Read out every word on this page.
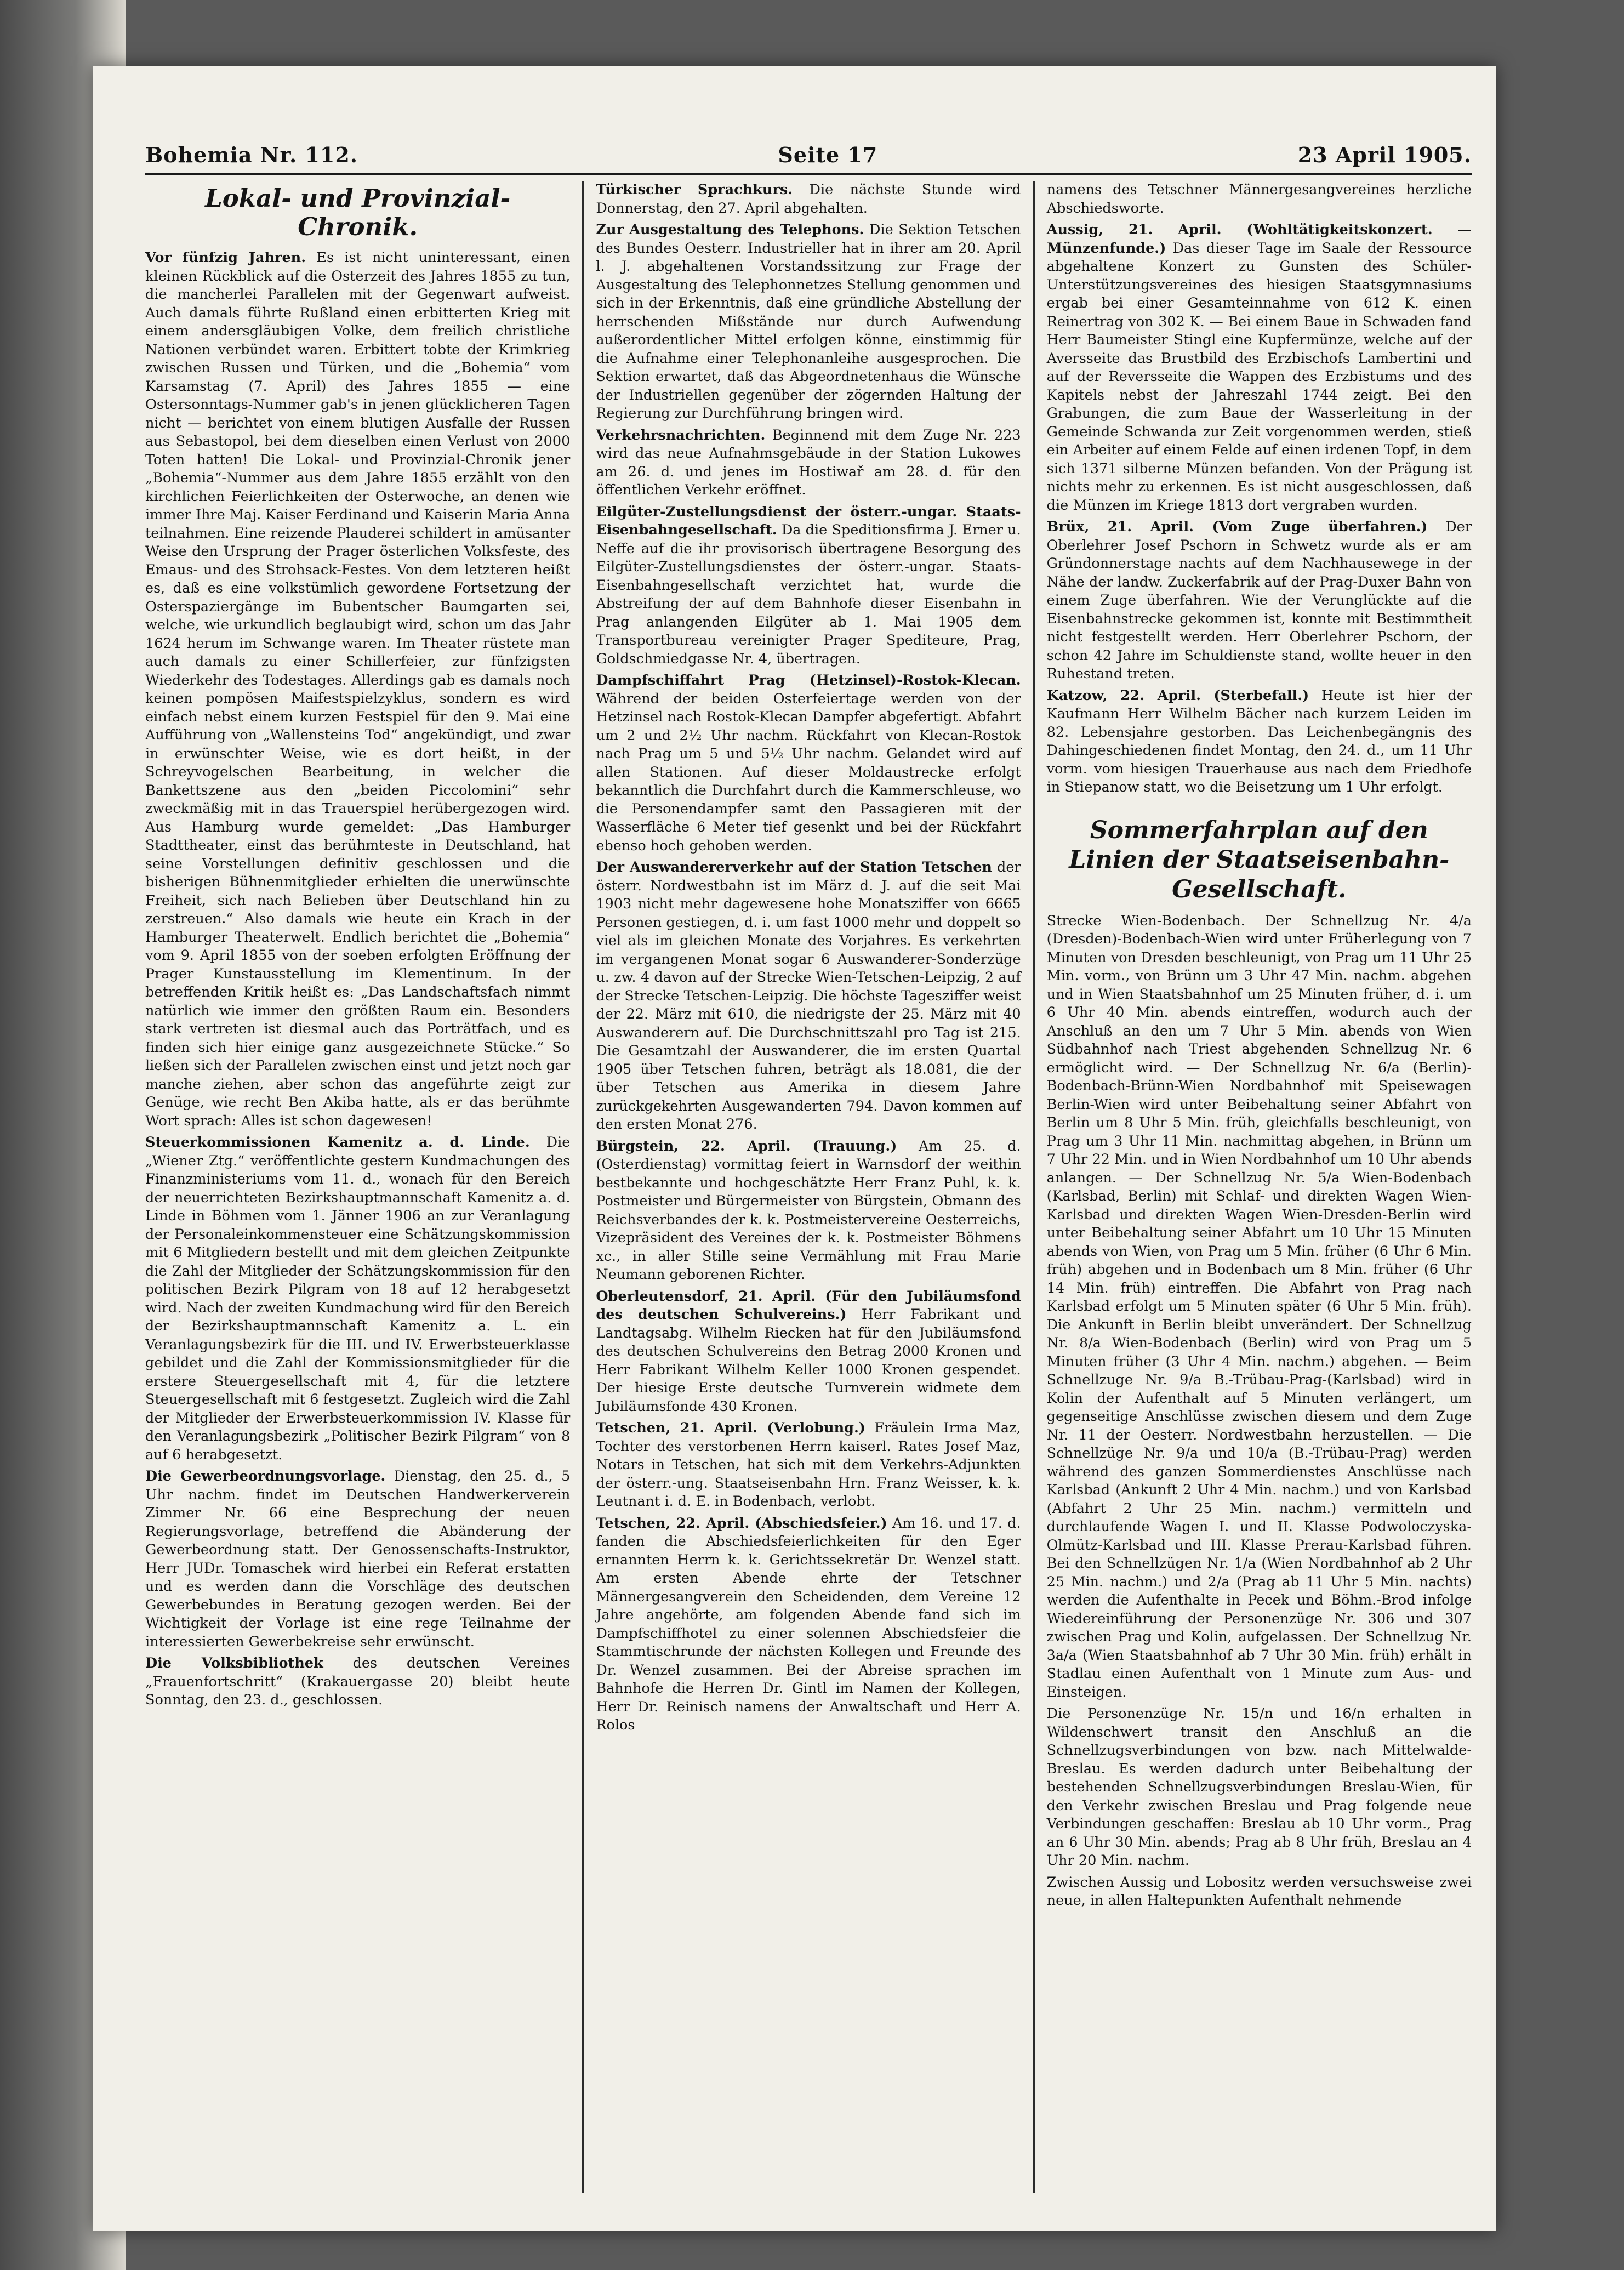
Bohemia Nr. 112.	Seite 17	23 April 1905.
Lokal- und Provinzial-Chronik.

Vor fünfzig Jahren. Es ist nicht uninteressant, einen kleinen Rückblick auf die Osterzeit des Jahres 1855 zu tun, die mancherlei Parallelen mit der Gegenwart aufweist. Auch damals führte Rußland einen erbitterten Krieg mit einem andersgläubigen Volke, dem freilich christliche Nationen verbündet waren. Erbittert tobte der Krimkrieg zwischen Russen und Türken, und die „Bohemia“ vom Karsamstag (7. April) des Jahres 1855 — eine Ostersonntags-Nummer gab's in jenen glücklicheren Tagen nicht — berichtet von einem blutigen Ausfalle der Russen aus Sebastopol, bei dem dieselben einen Verlust von 2000 Toten hatten! Die Lokal- und Provinzial-Chronik jener „Bohemia“-Nummer aus dem Jahre 1855 erzählt von den kirchlichen Feierlichkeiten der Osterwoche, an denen wie immer Ihre Maj. Kaiser Ferdinand und Kaiserin Maria Anna teilnahmen. Eine reizende Plauderei schildert in amüsanter Weise den Ursprung der Prager österlichen Volksfeste, des Emaus- und des Strohsack-Festes. Von dem letzteren heißt es, daß es eine volkstümlich gewordene Fortsetzung der Osterspaziergänge im Bubentscher Baumgarten sei, welche, wie urkundlich beglaubigt wird, schon um das Jahr 1624 herum im Schwange waren. Im Theater rüstete man auch damals zu einer Schillerfeier, zur fünfzigsten Wiederkehr des Todestages. Allerdings gab es damals noch keinen pompösen Maifestspielzyklus, sondern es wird einfach nebst einem kurzen Festspiel für den 9. Mai eine Aufführung von „Wallensteins Tod“ angekündigt, und zwar in erwünschter Weise, wie es dort heißt, in der Schreyvogelschen Bearbeitung, in welcher die Bankettszene aus den „beiden Piccolomini“ sehr zweckmäßig mit in das Trauerspiel herübergezogen wird. Aus Hamburg wurde gemeldet: „Das Hamburger Stadttheater, einst das berühmteste in Deutschland, hat seine Vorstellungen definitiv geschlossen und die bisherigen Bühnenmitglieder erhielten die unerwünschte Freiheit, sich nach Belieben über Deutschland hin zu zerstreuen.“ Also damals wie heute ein Krach in der Hamburger Theaterwelt. Endlich berichtet die „Bohemia“ vom 9. April 1855 von der soeben erfolgten Eröffnung der Prager Kunstausstellung im Klementinum. In der betreffenden Kritik heißt es: „Das Landschaftsfach nimmt natürlich wie immer den größten Raum ein. Besonders stark vertreten ist diesmal auch das Porträtfach, und es finden sich hier einige ganz ausgezeichnete Stücke.“ So ließen sich der Parallelen zwischen einst und jetzt noch gar manche ziehen, aber schon das angeführte zeigt zur Genüge, wie recht Ben Akiba hatte, als er das berühmte Wort sprach: Alles ist schon dagewesen!

Steuerkommissionen Kamenitz a. d. Linde. Die „Wiener Ztg.“ veröffentlichte gestern Kundmachungen des Finanzministeriums vom 11. d., wonach für den Bereich der neuerrichteten Bezirkshauptmannschaft Kamenitz a. d. Linde in Böhmen vom 1. Jänner 1906 an zur Veranlagung der Personaleinkommensteuer eine Schätzungskommission mit 6 Mitgliedern bestellt und mit dem gleichen Zeitpunkte die Zahl der Mitglieder der Schätzungskommission für den politischen Bezirk Pilgram von 18 auf 12 herabgesetzt wird. Nach der zweiten Kundmachung wird für den Bereich der Bezirkshauptmannschaft Kamenitz a. L. ein Veranlagungsbezirk für die III. und IV. Erwerbsteuerklasse gebildet und die Zahl der Kommissionsmitglieder für die erstere Steuergesellschaft mit 4, für die letztere Steuergesellschaft mit 6 festgesetzt. Zugleich wird die Zahl der Mitglieder der Erwerbsteuerkommission IV. Klasse für den Veranlagungsbezirk „Politischer Bezirk Pilgram“ von 8 auf 6 herabgesetzt.

Die Gewerbeordnungsvorlage. Dienstag, den 25. d., 5 Uhr nachm. findet im Deutschen Handwerkerverein Zimmer Nr. 66 eine Besprechung der neuen Regierungsvorlage, betreffend die Abänderung der Gewerbeordnung statt. Der Genossenschafts-Instruktor, Herr JUDr. Tomaschek wird hierbei ein Referat erstatten und es werden dann die Vorschläge des deutschen Gewerbebundes in Beratung gezogen werden. Bei der Wichtigkeit der Vorlage ist eine rege Teilnahme der interessierten Gewerbekreise sehr erwünscht.

Die Volksbibliothek des deutschen Vereines „Frauenfortschritt“ (Krakauergasse 20) bleibt heute Sonntag, den 23. d., geschlossen.

Türkischer Sprachkurs. Die nächste Stunde wird Donnerstag, den 27. April abgehalten.

Zur Ausgestaltung des Telephons. Die Sektion Tetschen des Bundes Oesterr. Industrieller hat in ihrer am 20. April l. J. abgehaltenen Vorstandssitzung zur Frage der Ausgestaltung des Telephonnetzes Stellung genommen und sich in der Erkenntnis, daß eine gründliche Abstellung der herrschenden Mißstände nur durch Aufwendung außerordentlicher Mittel erfolgen könne, einstimmig für die Aufnahme einer Telephonanleihe ausgesprochen. Die Sektion erwartet, daß das Abgeordnetenhaus die Wünsche der Industriellen gegenüber der zögernden Haltung der Regierung zur Durchführung bringen wird.

Verkehrsnachrichten. Beginnend mit dem Zuge Nr. 223 wird das neue Aufnahmsgebäude in der Station Lukowes am 26. d. und jenes im Hostiwař am 28. d. für den öffentlichen Verkehr eröffnet.

Eilgüter-Zustellungsdienst der österr.-ungar. Staats-Eisenbahngesellschaft. Da die Speditionsfirma J. Erner u. Neffe auf die ihr provisorisch übertragene Besorgung des Eilgüter-Zustellungsdienstes der österr.-ungar. Staats-Eisenbahngesellschaft verzichtet hat, wurde die Abstreifung der auf dem Bahnhofe dieser Eisenbahn in Prag anlangenden Eilgüter ab 1. Mai 1905 dem Transportbureau vereinigter Prager Spediteure, Prag, Goldschmiedgasse Nr. 4, übertragen.

Dampfschiffahrt Prag (Hetzinsel)-Rostok-Klecan. Während der beiden Osterfeiertage werden von der Hetzinsel nach Rostok-Klecan Dampfer abgefertigt. Abfahrt um 2 und 2½ Uhr nachm. Rückfahrt von Klecan-Rostok nach Prag um 5 und 5½ Uhr nachm. Gelandet wird auf allen Stationen. Auf dieser Moldaustrecke erfolgt bekanntlich die Durchfahrt durch die Kammerschleuse, wo die Personendampfer samt den Passagieren mit der Wasserfläche 6 Meter tief gesenkt und bei der Rückfahrt ebenso hoch gehoben werden.

Der Auswandererverkehr auf der Station Tetschen der österr. Nordwestbahn ist im März d. J. auf die seit Mai 1903 nicht mehr dagewesene hohe Monatsziffer von 6665 Personen gestiegen, d. i. um fast 1000 mehr und doppelt so viel als im gleichen Monate des Vorjahres. Es verkehrten im vergangenen Monat sogar 6 Auswanderer-Sonderzüge u. zw. 4 davon auf der Strecke Wien-Tetschen-Leipzig, 2 auf der Strecke Tetschen-Leipzig. Die höchste Tagesziffer weist der 22. März mit 610, die niedrigste der 25. März mit 40 Auswanderern auf. Die Durchschnittszahl pro Tag ist 215. Die Gesamtzahl der Auswanderer, die im ersten Quartal 1905 über Tetschen fuhren, beträgt als 18.081, die der über Tetschen aus Amerika in diesem Jahre zurückgekehrten Ausgewanderten 794. Davon kommen auf den ersten Monat 276.

Bürgstein, 22. April. (Trauung.) Am 25. d. (Osterdienstag) vormittag feiert in Warnsdorf der weithin bestbekannte und hochgeschätzte Herr Franz Puhl, k. k. Postmeister und Bürgermeister von Bürgstein, Obmann des Reichsverbandes der k. k. Postmeistervereine Oesterreichs, Vizepräsident des Vereines der k. k. Postmeister Böhmens xc., in aller Stille seine Vermählung mit Frau Marie Neumann geborenen Richter.

Oberleutensdorf, 21. April. (Für den Jubiläumsfond des deutschen Schulvereins.) Herr Fabrikant und Landtagsabg. Wilhelm Riecken hat für den Jubiläumsfond des deutschen Schulvereins den Betrag 2000 Kronen und Herr Fabrikant Wilhelm Keller 1000 Kronen gespendet. Der hiesige Erste deutsche Turnverein widmete dem Jubiläumsfonde 430 Kronen.

Tetschen, 21. April. (Verlobung.) Fräulein Irma Maz, Tochter des verstorbenen Herrn kaiserl. Rates Josef Maz, Notars in Tetschen, hat sich mit dem Verkehrs-Adjunkten der österr.-ung. Staatseisenbahn Hrn. Franz Weisser, k. k. Leutnant i. d. E. in Bodenbach, verlobt.

Tetschen, 22. April. (Abschiedsfeier.) Am 16. und 17. d. fanden die Abschiedsfeierlichkeiten für den Eger ernannten Herrn k. k. Gerichtssekretär Dr. Wenzel statt. Am ersten Abende ehrte der Tetschner Männergesangverein den Scheidenden, dem Vereine 12 Jahre angehörte, am folgenden Abende fand sich im Dampfschiffhotel zu einer solennen Abschiedsfeier die Stammtischrunde der nächsten Kollegen und Freunde des Dr. Wenzel zusammen. Bei der Abreise sprachen im Bahnhofe die Herren Dr. Gintl im Namen der Kollegen, Herr Dr. Reinisch namens der Anwaltschaft und Herr A. Rolos

namens des Tetschner Männergesangvereines herzliche Abschiedsworte.

Aussig, 21. April. (Wohltätigkeitskonzert. — Münzenfunde.) Das dieser Tage im Saale der Ressource abgehaltene Konzert zu Gunsten des Schüler-Unterstützungsvereines des hiesigen Staatsgymnasiums ergab bei einer Gesamteinnahme von 612 K. einen Reinertrag von 302 K. — Bei einem Baue in Schwaden fand Herr Baumeister Stingl eine Kupfermünze, welche auf der Aversseite das Brustbild des Erzbischofs Lambertini und auf der Reversseite die Wappen des Erzbistums und des Kapitels nebst der Jahreszahl 1744 zeigt. Bei den Grabungen, die zum Baue der Wasserleitung in der Gemeinde Schwanda zur Zeit vorgenommen werden, stieß ein Arbeiter auf einem Felde auf einen irdenen Topf, in dem sich 1371 silberne Münzen befanden. Von der Prägung ist nichts mehr zu erkennen. Es ist nicht ausgeschlossen, daß die Münzen im Kriege 1813 dort vergraben wurden.

Brüx, 21. April. (Vom Zuge überfahren.) Der Oberlehrer Josef Pschorn in Schwetz wurde als er am Gründonnerstage nachts auf dem Nachhausewege in der Nähe der landw. Zuckerfabrik auf der Prag-Duxer Bahn von einem Zuge überfahren. Wie der Verunglückte auf die Eisenbahnstrecke gekommen ist, konnte mit Bestimmtheit nicht festgestellt werden. Herr Oberlehrer Pschorn, der schon 42 Jahre im Schuldienste stand, wollte heuer in den Ruhestand treten.

Katzow, 22. April. (Sterbefall.) Heute ist hier der Kaufmann Herr Wilhelm Bächer nach kurzem Leiden im 82. Lebensjahre gestorben. Das Leichenbegängnis des Dahingeschiedenen findet Montag, den 24. d., um 11 Uhr vorm. vom hiesigen Trauerhause aus nach dem Friedhofe in Stiepanow statt, wo die Beisetzung um 1 Uhr erfolgt.

Sommerfahrplan auf den Linien der Staatseisenbahn-Gesellschaft.

Strecke Wien-Bodenbach. Der Schnellzug Nr. 4/a (Dresden)-Bodenbach-Wien wird unter Früherlegung von 7 Minuten von Dresden beschleunigt, von Prag um 11 Uhr 25 Min. vorm., von Brünn um 3 Uhr 47 Min. nachm. abgehen und in Wien Staatsbahnhof um 25 Minuten früher, d. i. um 6 Uhr 40 Min. abends eintreffen, wodurch auch der Anschluß an den um 7 Uhr 5 Min. abends von Wien Südbahnhof nach Triest abgehenden Schnellzug Nr. 6 ermöglicht wird. — Der Schnellzug Nr. 6/a (Berlin)-Bodenbach-Brünn-Wien Nordbahnhof mit Speisewagen Berlin-Wien wird unter Beibehaltung seiner Abfahrt von Berlin um 8 Uhr 5 Min. früh, gleichfalls beschleunigt, von Prag um 3 Uhr 11 Min. nachmittag abgehen, in Brünn um 7 Uhr 22 Min. und in Wien Nordbahnhof um 10 Uhr abends anlangen. — Der Schnellzug Nr. 5/a Wien-Bodenbach (Karlsbad, Berlin) mit Schlaf- und direkten Wagen Wien-Karlsbad und direkten Wagen Wien-Dresden-Berlin wird unter Beibehaltung seiner Abfahrt um 10 Uhr 15 Minuten abends von Wien, von Prag um 5 Min. früher (6 Uhr 6 Min. früh) abgehen und in Bodenbach um 8 Min. früher (6 Uhr 14 Min. früh) eintreffen. Die Abfahrt von Prag nach Karlsbad erfolgt um 5 Minuten später (6 Uhr 5 Min. früh). Die Ankunft in Berlin bleibt unverändert. Der Schnellzug Nr. 8/a Wien-Bodenbach (Berlin) wird von Prag um 5 Minuten früher (3 Uhr 4 Min. nachm.) abgehen. — Beim Schnellzuge Nr. 9/a B.-Trübau-Prag-(Karlsbad) wird in Kolin der Aufenthalt auf 5 Minuten verlängert, um gegenseitige Anschlüsse zwischen diesem und dem Zuge Nr. 11 der Oesterr. Nordwestbahn herzustellen. — Die Schnellzüge Nr. 9/a und 10/a (B.-Trübau-Prag) werden während des ganzen Sommerdienstes Anschlüsse nach Karlsbad (Ankunft 2 Uhr 4 Min. nachm.) und von Karlsbad (Abfahrt 2 Uhr 25 Min. nachm.) vermitteln und durchlaufende Wagen I. und II. Klasse Podwoloczyska-Olmütz-Karlsbad und III. Klasse Prerau-Karlsbad führen. Bei den Schnellzügen Nr. 1/a (Wien Nordbahnhof ab 2 Uhr 25 Min. nachm.) und 2/a (Prag ab 11 Uhr 5 Min. nachts) werden die Aufenthalte in Pecek und Böhm.-Brod infolge Wiedereinführung der Personenzüge Nr. 306 und 307 zwischen Prag und Kolin, aufgelassen. Der Schnellzug Nr. 3a/a (Wien Staatsbahnhof ab 7 Uhr 30 Min. früh) erhält in Stadlau einen Aufenthalt von 1 Minute zum Aus- und Einsteigen.

Die Personenzüge Nr. 15/n und 16/n erhalten in Wildenschwert transit den Anschluß an die Schnellzugsverbindungen von bzw. nach Mittelwalde-Breslau. Es werden dadurch unter Beibehaltung der bestehenden Schnellzugsverbindungen Breslau-Wien, für den Verkehr zwischen Breslau und Prag folgende neue Verbindungen geschaffen: Breslau ab 10 Uhr vorm., Prag an 6 Uhr 30 Min. abends; Prag ab 8 Uhr früh, Breslau an 4 Uhr 20 Min. nachm.

Zwischen Aussig und Lobositz werden versuchsweise zwei neue, in allen Haltepunkten Aufenthalt nehmende
